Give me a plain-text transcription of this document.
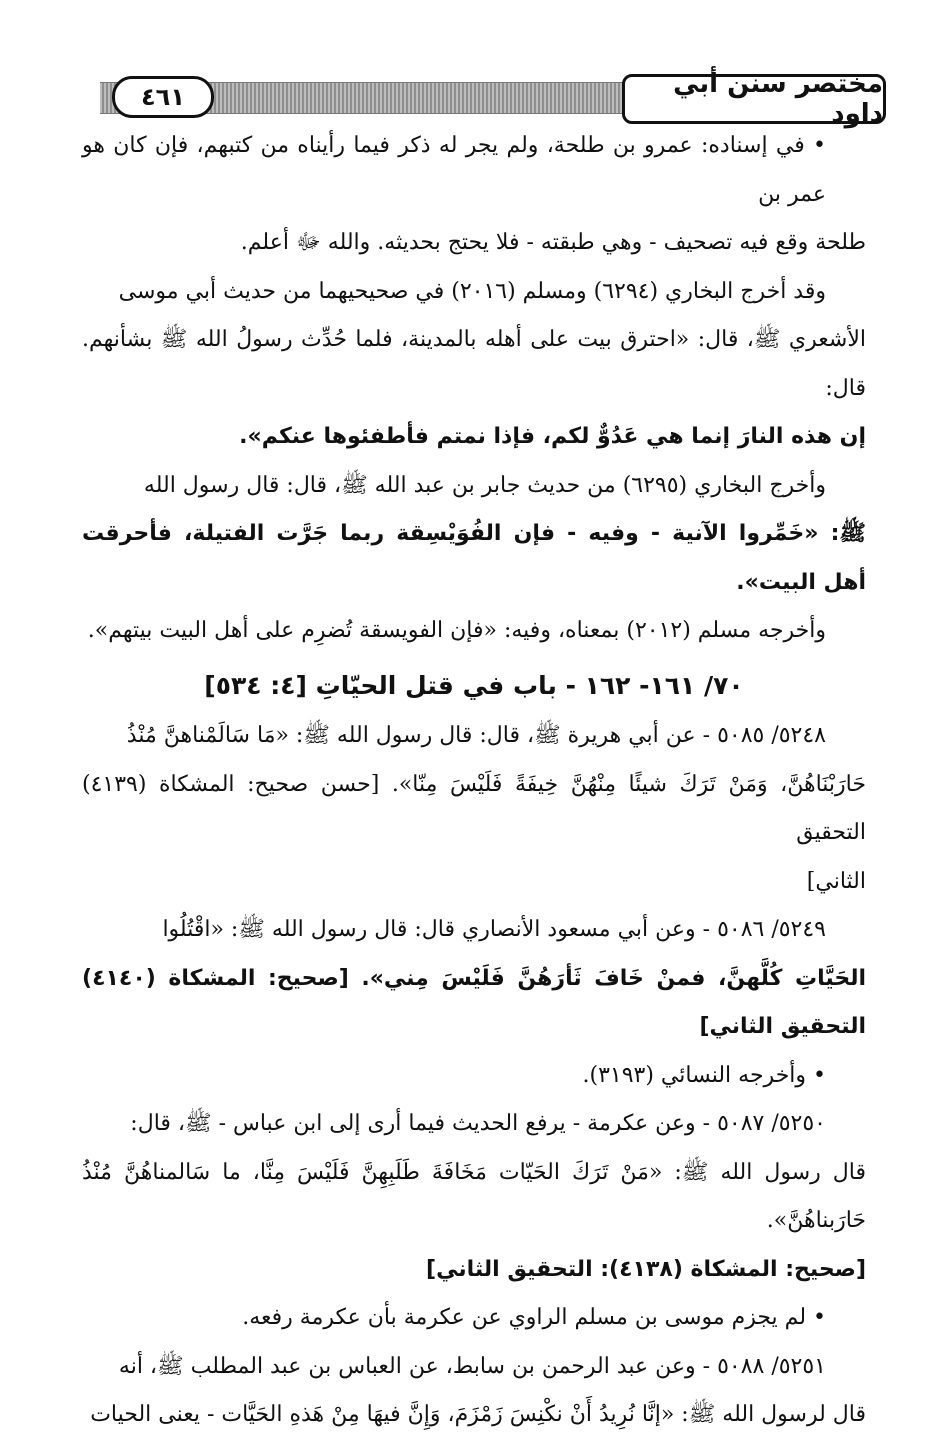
مختصر سنن أبي داود
٤٦١
• في إسناده: عمرو بن طلحة، ولم يجر له ذكر فيما رأيناه من كتبهم، فإن كان هو عمر بن
طلحة وقع فيه تصحيف - وهي طبقته - فلا يحتج بحديثه. والله ﷻ أعلم.
وقد أخرج البخاري (٦٢٩٤) ومسلم (٢٠١٦) في صحيحيهما من حديث أبي موسى
الأشعري ﷺ، قال: «احترق بيت على أهله بالمدينة، فلما حُدِّث رسولُ الله ﷺ بشأنهم. قال:
إن هذه النارَ إنما هي عَدُوٌّ لكم، فإذا نمتم فأطفئوها عنكم».
وأخرج البخاري (٦٢٩٥) من حديث جابر بن عبد الله ﷺ، قال: قال رسول الله
ﷺ: «خَمِّروا الآنية - وفيه - فإن الفُوَيْسِقة ربما جَرَّت الفتيلة، فأحرقت أهل البيت».
وأخرجه مسلم (٢٠١٢) بمعناه، وفيه: «فإن الفويسقة تُضرِم على أهل البيت بيتهم».
٧٠/ ١٦١- ١٦٢ - باب في قتل الحيّاتِ [٤: ٥٣٤]
٥٢٤٨/ ٥٠٨٥ - عن أبي هريرة ﷺ، قال: قال رسول الله ﷺ: «مَا سَالَمْناهنَّ مُنْذُ
حَارَبْنَاهُنَّ، وَمَنْ تَرَكَ شيئًا مِنْهُنَّ خِيفَةً فَلَيْسَ مِنّا». [حسن صحيح: المشكاة (٤١٣٩) التحقيق
الثاني]
٥٢٤٩/ ٥٠٨٦ - وعن أبي مسعود الأنصاري قال: قال رسول الله ﷺ: «اقْتُلُوا
الحَيَّاتِ كُلَّهنَّ، فمنْ خَافَ ثَأرَهُنَّ فَلَيْسَ مِني». [صحيح: المشكاة (٤١٤٠) التحقيق الثاني]
• وأخرجه النسائي (٣١٩٣).
٥٢٥٠/ ٥٠٨٧ - وعن عكرمة - يرفع الحديث فيما أرى إلى ابن عباس - ﷺ، قال:
قال رسول الله ﷺ: «مَنْ تَرَكَ الحَيّات مَخَافَةَ طَلَبِهِنَّ فَلَيْسَ مِنَّا، ما سَالمناهُنَّ مُنْذُ حَارَبناهُنَّ».
[صحيح: المشكاة (٤١٣٨): التحقيق الثاني]
• لم يجزم موسى بن مسلم الراوي عن عكرمة بأن عكرمة رفعه.
٥٢٥١/ ٥٠٨٨ - وعن عبد الرحمن بن سابط، عن العباس بن عبد المطلب ﷺ، أنه
قال لرسول الله ﷺ: «إنَّا نُرِيدُ أَنْ نكْنِسَ زَمْزَمَ، وَإِنَّ فيهَا مِنْ هَذهِ الحَيَّات - يعنى الحيات
